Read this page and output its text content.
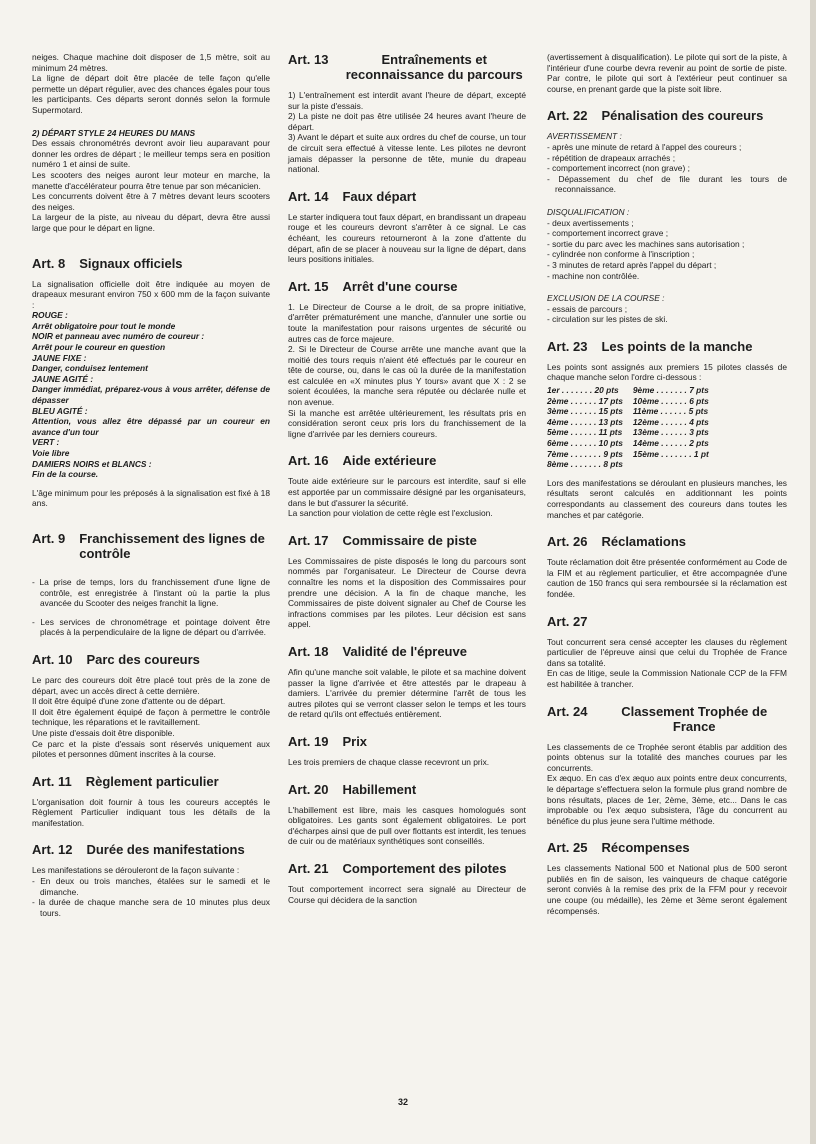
neiges. Chaque machine doit disposer de 1,5 mètre, soit au minimum 24 mètres.

La ligne de départ doit être placée de telle façon qu'elle permette un départ régulier, avec des chances égales pour tous les participants. Ces départs seront donnés selon la formule Supermotard.

2) DÉPART STYLE 24 HEURES DU MANS

Des essais chronométrés devront avoir lieu auparavant pour donner les ordres de départ ; le meilleur temps sera en position numéro 1 et ainsi de suite.

Les scooters des neiges auront leur moteur en marche, la manette d'accélérateur pourra être tenue par son mécanicien.

Les concurrents doivent être à 7 mètres devant leurs scooters des neiges.

La largeur de la piste, au niveau du départ, devra être aussi large que pour le départ en ligne.

Art. 8 Signaux officiels

La signalisation officielle doit être indiquée au moyen de drapeaux mesurant environ 750 x 600 mm de la façon suivante :

ROUGE :

Arrêt obligatoire pour tout le monde

NOIR et panneau avec numéro de coureur :

Arrêt pour le coureur en question

JAUNE FIXE :

Danger, conduisez lentement

JAUNE AGITÉ :

Danger immédiat, préparez-vous à vous arrêter, défense de dépasser

BLEU AGITÉ :

Attention, vous allez être dépassé par un coureur en avance d'un tour

VERT :

Voie libre

DAMIERS NOIRS et BLANCS :

Fin de la course.

L'âge minimum pour les préposés à la signalisation est fixé à 18 ans.

Art. 9 Franchissement des lignes de contrôle

- La prise de temps, lors du franchissement d'une ligne de contrôle, est enregistrée à l'instant où la partie la plus avancée du Scooter des neiges franchit la ligne.

- Les services de chronométrage et pointage doivent être placés à la perpendiculaire de la ligne de départ ou d'arrivée.

Art. 10 Parc des coureurs

Le parc des coureurs doit être placé tout près de la zone de départ, avec un accès direct à cette dernière.

Il doit être équipé d'une zone d'attente ou de départ.

Il doit être également équipé de façon à permettre le contrôle technique, les réparations et le ravitaillement.

Une piste d'essais doit être disponible.

Ce parc et la piste d'essais sont réservés uniquement aux pilotes et personnes dûment inscrites à la course.

Art. 11 Règlement particulier

L'organisation doit fournir à tous les coureurs acceptés le Règlement Particulier indiquant tous les détails de la manifestation.

Art. 12 Durée des manifestations

Les manifestations se dérouleront de la façon suivante :

- En deux ou trois manches, étalées sur le samedi et le dimanche.

- la durée de chaque manche sera de 10 minutes plus deux tours.

Art. 13	Entraînements et reconnaissance du parcours

1) L'entraînement est interdit avant l'heure de départ, excepté sur la piste d'essais.

2) La piste ne doit pas être utilisée 24 heures avant l'heure de départ.

3) Avant le départ et suite aux ordres du chef de course, un tour de circuit sera effectué à vitesse lente. Les pilotes ne devront jamais dépasser la personne de tête, munie du drapeau national.

Art. 14 Faux départ

Le starter indiquera tout faux départ, en brandissant un drapeau rouge et les coureurs devront s'arrêter à ce signal. Le cas échéant, les coureurs retourneront à la zone d'attente du départ, afin de se placer à nouveau sur la ligne de départ, dans leurs positions initiales.

Art. 15 Arrêt d'une course

1. Le Directeur de Course a le droit, de sa propre initiative, d'arrêter prématurément une manche, d'annuler une sortie ou toute la manifestation pour raisons urgentes de sécurité ou autres cas de force majeure.

2. Si le Directeur de Course arrête une manche avant que la moitié des tours requis n'aient été effectués par le coureur en tête de course, ou, dans le cas où la durée de la manifestation est calculée en «X minutes plus Y tours» avant que X : 2 se soient écoulées, la manche sera réputée ou déclarée nulle et non avenue.

Si la manche est arrêtée ultérieurement, les résultats pris en considération seront ceux pris lors du franchissement de la ligne d'arrivée par les derniers coureurs.

Art. 16 Aide extérieure

Toute aide extérieure sur le parcours est interdite, sauf si elle est apportée par un commissaire désigné par les organisateurs, dans le but d'assurer la sécurité.

La sanction pour violation de cette règle est l'exclusion.

Art. 17 Commissaire de piste

Les Commissaires de piste disposés le long du parcours sont nommés par l'organisateur. Le Directeur de Course devra connaître les noms et la disposition des Commissaires pour prendre une décision. A la fin de chaque manche, les Commissaires de piste doivent signaler au Chef de Course les infractions commises par les pilotes. Leur décision est sans appel.

Art. 18 Validité de l'épreuve

Afin qu'une manche soit valable, le pilote et sa machine doivent passer la ligne d'arrivée et être attestés par le drapeau à damiers. L'arrivée du premier détermine l'arrêt de tous les autres pilotes qui se verront classer selon le temps et les tours de retard qu'ils ont effectués entièrement.

Art. 19 Prix

Les trois premiers de chaque classe recevront un prix.

Art. 20 Habillement

L'habillement est libre, mais les casques homologués sont obligatoires. Les gants sont également obligatoires. Le port d'écharpes ainsi que de pull over flottants est interdit, les tenues de cuir ou de matériaux synthétiques sont conseillés.

Art. 21 Comportement des pilotes

Tout comportement incorrect sera signalé au Directeur de Course qui décidera de la sanction

(avertissement à disqualification). Le pilote qui sort de la piste, à l'intérieur d'une courbe devra revenir au point de sortie de piste. Par contre, le pilote qui sort à l'extérieur peut continuer sa course, en prenant garde que la piste soit libre.

Art. 22 Pénalisation des coureurs
AVERTISSEMENT :

- après une minute de retard à l'appel des coureurs ;

- répétition de drapeaux arrachés ;

- comportement incorrect (non grave) ;

- Dépassement du chef de file durant les tours de reconnaissance.

DISQUALIFICATION :

- deux avertissements ;

- comportement incorrect grave ;

- sortie du parc avec les machines sans autorisation ;

- cylindrée non conforme à l'inscription ;

- 3 minutes de retard après l'appel du départ ;

- machine non contrôlée.

EXCLUSION DE LA COURSE :

- essais de parcours ;

- circulation sur les pistes de ski.

Art. 23 Les points de la manche

Les points sont assignés aux premiers 15 pilotes classés de chaque manche selon l'ordre ci-dessous :

1er . . . . . . . 20 pts	9ème . . . . . . . 7 pts
2ème . . . . . . 17 pts	10ème . . . . . . 6 pts
3ème . . . . . . 15 pts	11ème . . . . . . 5 pts
4ème . . . . . . 13 pts	12ème . . . . . . 4 pts
5ème . . . . . . 11 pts	13ème . . . . . . 3 pts
6ème . . . . . . 10 pts	14ème . . . . . . 2 pts
7ème . . . . . . . 9 pts	15ème . . . . . . . 1 pt
8ème . . . . . . . 8 pts	

Lors des manifestations se déroulant en plusieurs manches, les résultats seront calculés en additionnant les points correspondants au classement des coureurs dans toutes les manches et par catégorie.

Art. 26 Réclamations

Toute réclamation doit être présentée conformément au Code de la FIM et au règlement particulier, et être accompagnée d'une caution de 150 francs qui sera remboursée si la réclamation est fondée.

Art. 27

Tout concurrent sera censé accepter les clauses du règlement particulier de l'épreuve ainsi que celui du Trophée de France dans sa totalité.

En cas de litige, seule la Commission Nationale CCP de la FFM est habilitée à trancher.

Art. 24	Classement Trophée de France

Les classements de ce Trophée seront établis par addition des points obtenus sur la totalité des manches courues par les concurrents.

Ex æquo. En cas d'ex æquo aux points entre deux concurrents, le départage s'effectuera selon la formule plus grand nombre de bons résultats, places de 1er, 2ème, 3ème, etc... Dans le cas improbable ou l'ex æquo subsistera, l'âge du concurrent au bénéfice du plus jeune sera l'ultime méthode.

Art. 25 Récompenses

Les classements National 500 et National plus de 500 seront publiés en fin de saison, les vainqueurs de chaque catégorie seront conviés à la remise des prix de la FFM pour y recevoir une coupe (ou médaille), les 2ème et 3ème seront également récompensés.

32
